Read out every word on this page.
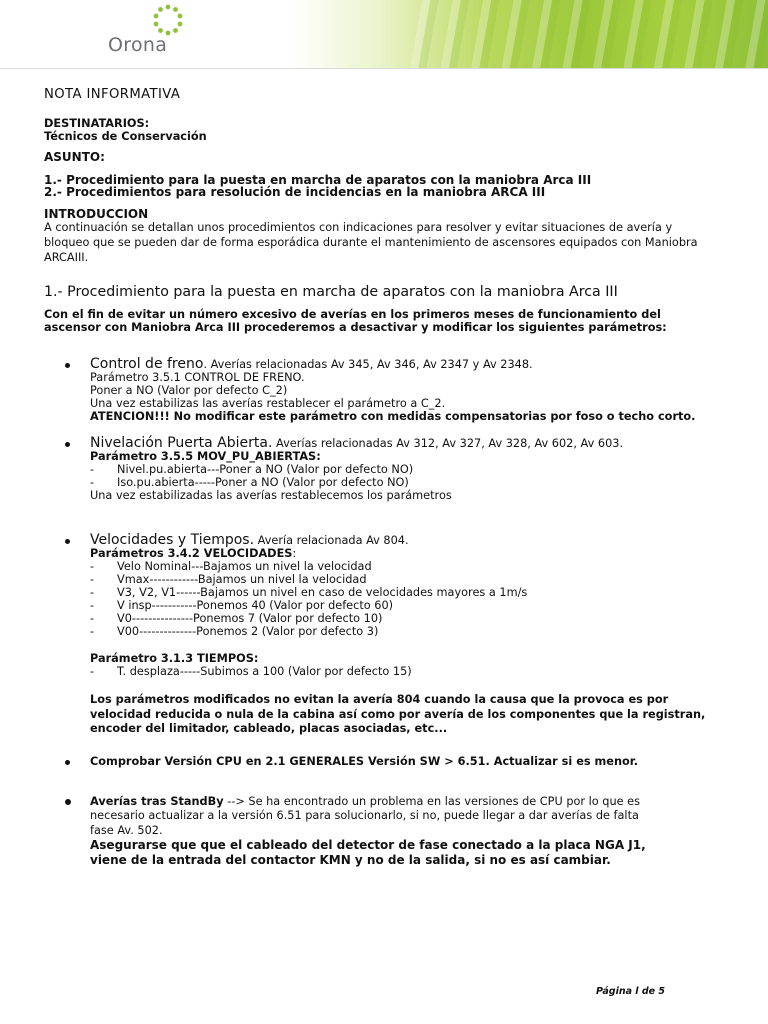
Orona

NOTA INFORMATIVA

DESTINATARIOS:

Técnicos de Conservación

ASUNTO:

1.- Procedimiento para la puesta en marcha de aparatos con la maniobra Arca III

2.- Procedimientos para resolución de incidencias en la maniobra ARCA III

INTRODUCCION

A continuación se detallan unos procedimientos con indicaciones para resolver y evitar situaciones de avería y

bloqueo que se pueden dar de forma esporádica durante el mantenimiento de ascensores equipados con Maniobra

ARCAIII.

1.- Procedimiento para la puesta en marcha de aparatos con la maniobra Arca III

Con el fin de evitar un número excesivo de averías en los primeros meses de funcionamiento del

ascensor con Maniobra Arca III procederemos a desactivar y modificar los siguientes parámetros:

Control de freno. Averías relacionadas Av 345, Av 346, Av 2347 y Av 2348.

Parámetro 3.5.1 CONTROL DE FRENO.

Poner a NO (Valor por defecto C_2)

Una vez estabilizas las averías restablecer el parámetro a C_2.

ATENCION!!! No modificar este parámetro con medidas compensatorias por foso o techo corto.

Nivelación Puerta Abierta. Averías relacionadas Av 312, Av 327, Av 328, Av 602, Av 603.

Parámetro 3.5.5 MOV_PU_ABIERTAS:

- Nivel.pu.abierta---Poner a NO (Valor por defecto NO)

- Iso.pu.abierta-----Poner a NO (Valor por defecto NO)

Una vez estabilizadas las averías restablecemos los parámetros

Velocidades y Tiempos. Avería relacionada Av 804.

Parámetros 3.4.2 VELOCIDADES:

- Velo Nominal---Bajamos un nivel la velocidad

- Vmax------------Bajamos un nivel la velocidad

- V3, V2, V1------Bajamos un nivel en caso de velocidades mayores a 1m/s

- V insp-----------Ponemos 40 (Valor por defecto 60)

- V0---------------Ponemos 7 (Valor por defecto 10)

- V00--------------Ponemos 2 (Valor por defecto 3)

Parámetro 3.1.3 TIEMPOS:

- T. desplaza-----Subimos a 100 (Valor por defecto 15)

Los parámetros modificados no evitan la avería 804 cuando la causa que la provoca es por

velocidad reducida o nula de la cabina así como por avería de los componentes que la registran,

encoder del limitador, cableado, placas asociadas, etc...

Comprobar Versión CPU en 2.1 GENERALES Versión SW > 6.51. Actualizar si es menor.

Averías tras StandBy --> Se ha encontrado un problema en las versiones de CPU por lo que es

necesario actualizar a la versión 6.51 para solucionarlo, si no, puede llegar a dar averías de falta

fase Av. 502.

Asegurarse que que el cableado del detector de fase conectado a la placa NGA J1,

viene de la entrada del contactor KMN y no de la salida, si no es así cambiar.

Página l de 5
